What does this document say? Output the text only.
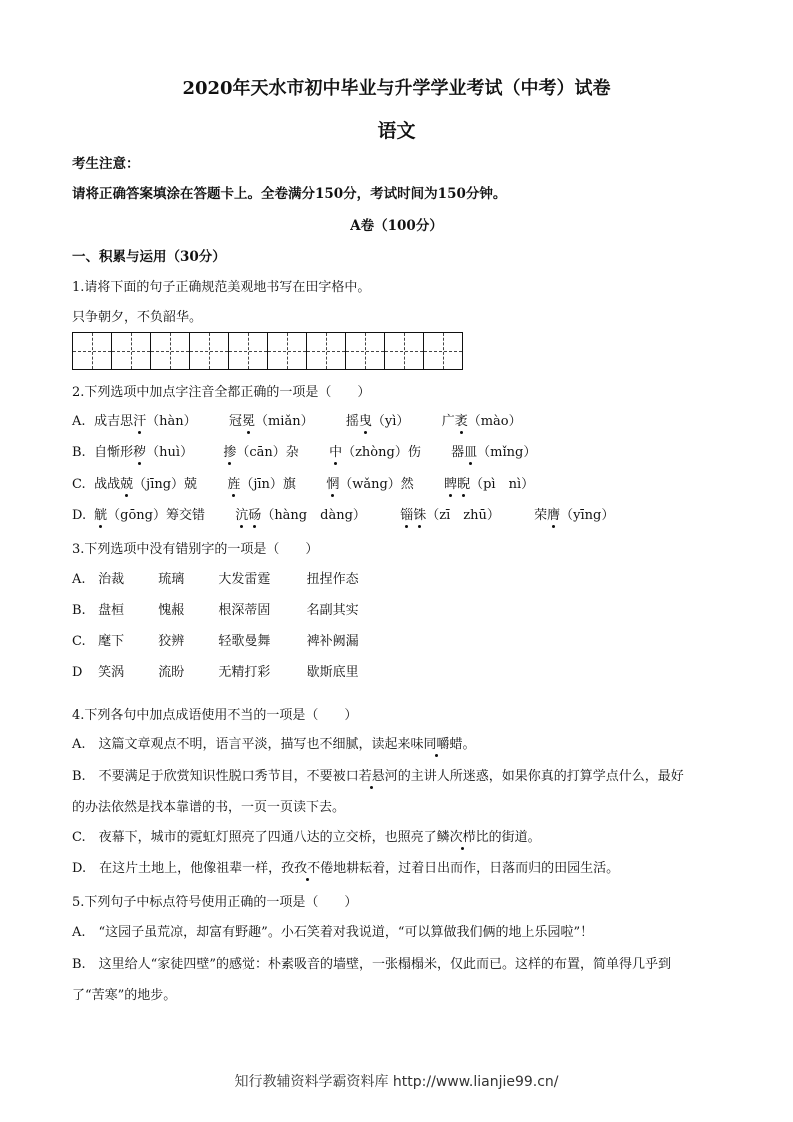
2020年天水市初中毕业与升学学业考试（中考）试卷
语文
考生注意：
请将正确答案填涂在答题卡上。全卷满分150分，考试时间为150分钟。
A卷（100分）
一、积累与运用（30分）
1.请将下面的句子正确规范美观地书写在田字格中。
只争朝夕，不负韶华。
2.下列选项中加点字注音全都正确的一项是（　　）
A. 成吉思汗（hàn） 冠冕（miǎn） 摇曳（yì） 广袤（mào）
B. 自惭形秽（huì） 掺（cān）杂 中（zhòng）伤 器皿（mǐng）
C. 战战兢（jīng）兢 旌（jīn）旗 惘（wǎng）然 睥睨（pì　nì）
D. 觥（gōng）筹交错 沆砀（hàng　dàng）	锱铢（zī　zhū）	荣膺（yīng）
3.下列选项中没有错别字的一项是（　　）
A. 治裁	琉璃	大发雷霆	扭捏作态
B. 盘桓	愧赧	根深蒂固	名副其实
C. 麾下	狡辨	轻歌曼舞	裨补阙漏
D 笑涡	流盼	无精打彩	歇斯底里
4.下列各句中加点成语使用不当的一项是（　　）
A.　这篇文章观点不明，语言平淡，描写也不细腻，读起来味同嚼蜡。
B.　不要满足于欣赏知识性脱口秀节目，不要被口若悬河的主讲人所迷惑，如果你真的打算学点什么，最好
的办法依然是找本靠谱的书，一页一页读下去。
C.　夜幕下，城市的霓虹灯照亮了四通八达的立交桥，也照亮了鳞次栉比的街道。
D.　在这片土地上，他像祖辈一样，孜孜不倦地耕耘着，过着日出而作，日落而归的田园生活。
5.下列句子中标点符号使用正确的一项是（　　）
A.　“这园子虽荒凉，却富有野趣”。小石笑着对我说道，“可以算做我们俩的地上乐园啦”！
B.　这里给人“家徒四壁”的感觉：朴素吸音的墙壁，一张榻榻米，仅此而已。这样的布置，简单得几乎到
了“苦寒”的地步。
知行教辅资料学霸资料库 http://www.lianjie99.cn/
